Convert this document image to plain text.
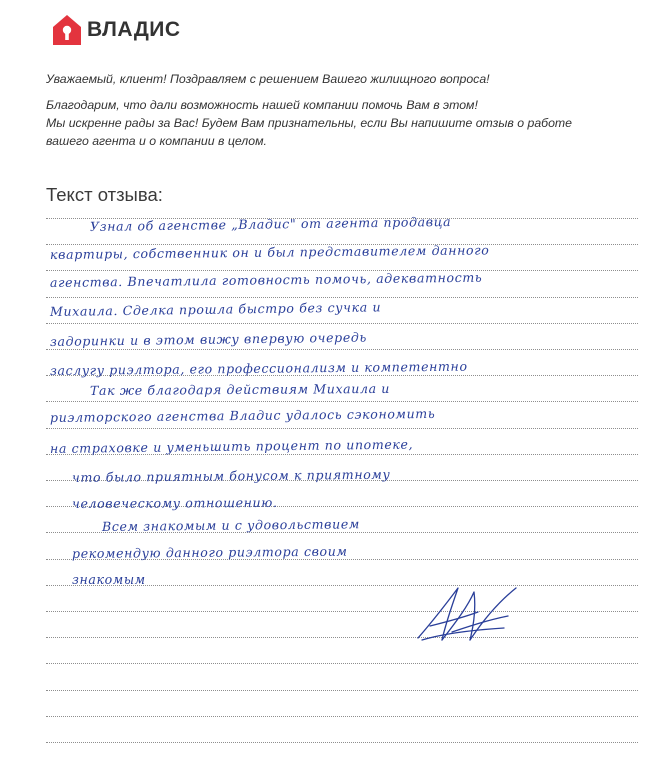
ВЛАДИС

Уважаемый, клиент! Поздравляем с решением Вашего жилищного вопроса!

Благодарим, что дали возможность нашей компании помочь Вам в этом!

Мы искренне рады за Вас! Будем Вам признательны, если Вы напишите отзыв о работе

вашего агента и о компании в целом.

Текст отзыва:
Узнал об агенстве „Владис" от агента продавца
квартиры, собственник он и был представителем данного
агенства. Впечатлила готовность помочь, адекватность
Михаила. Сделка прошла быстро без сучка и
задоринки и в этом вижу впервую очередь
заслугу риэлтора, его профессионализм и компетентно
Так же благодаря действиям Михаила и
риэлторского агенства Владис удалось сэкономить
на страховке и уменьшить процент по ипотеке,
что было приятным бонусом к приятному
человеческому отношению.
Всем знакомым и с удовольствием
рекомендую данного риэлтора своим
знакомым
